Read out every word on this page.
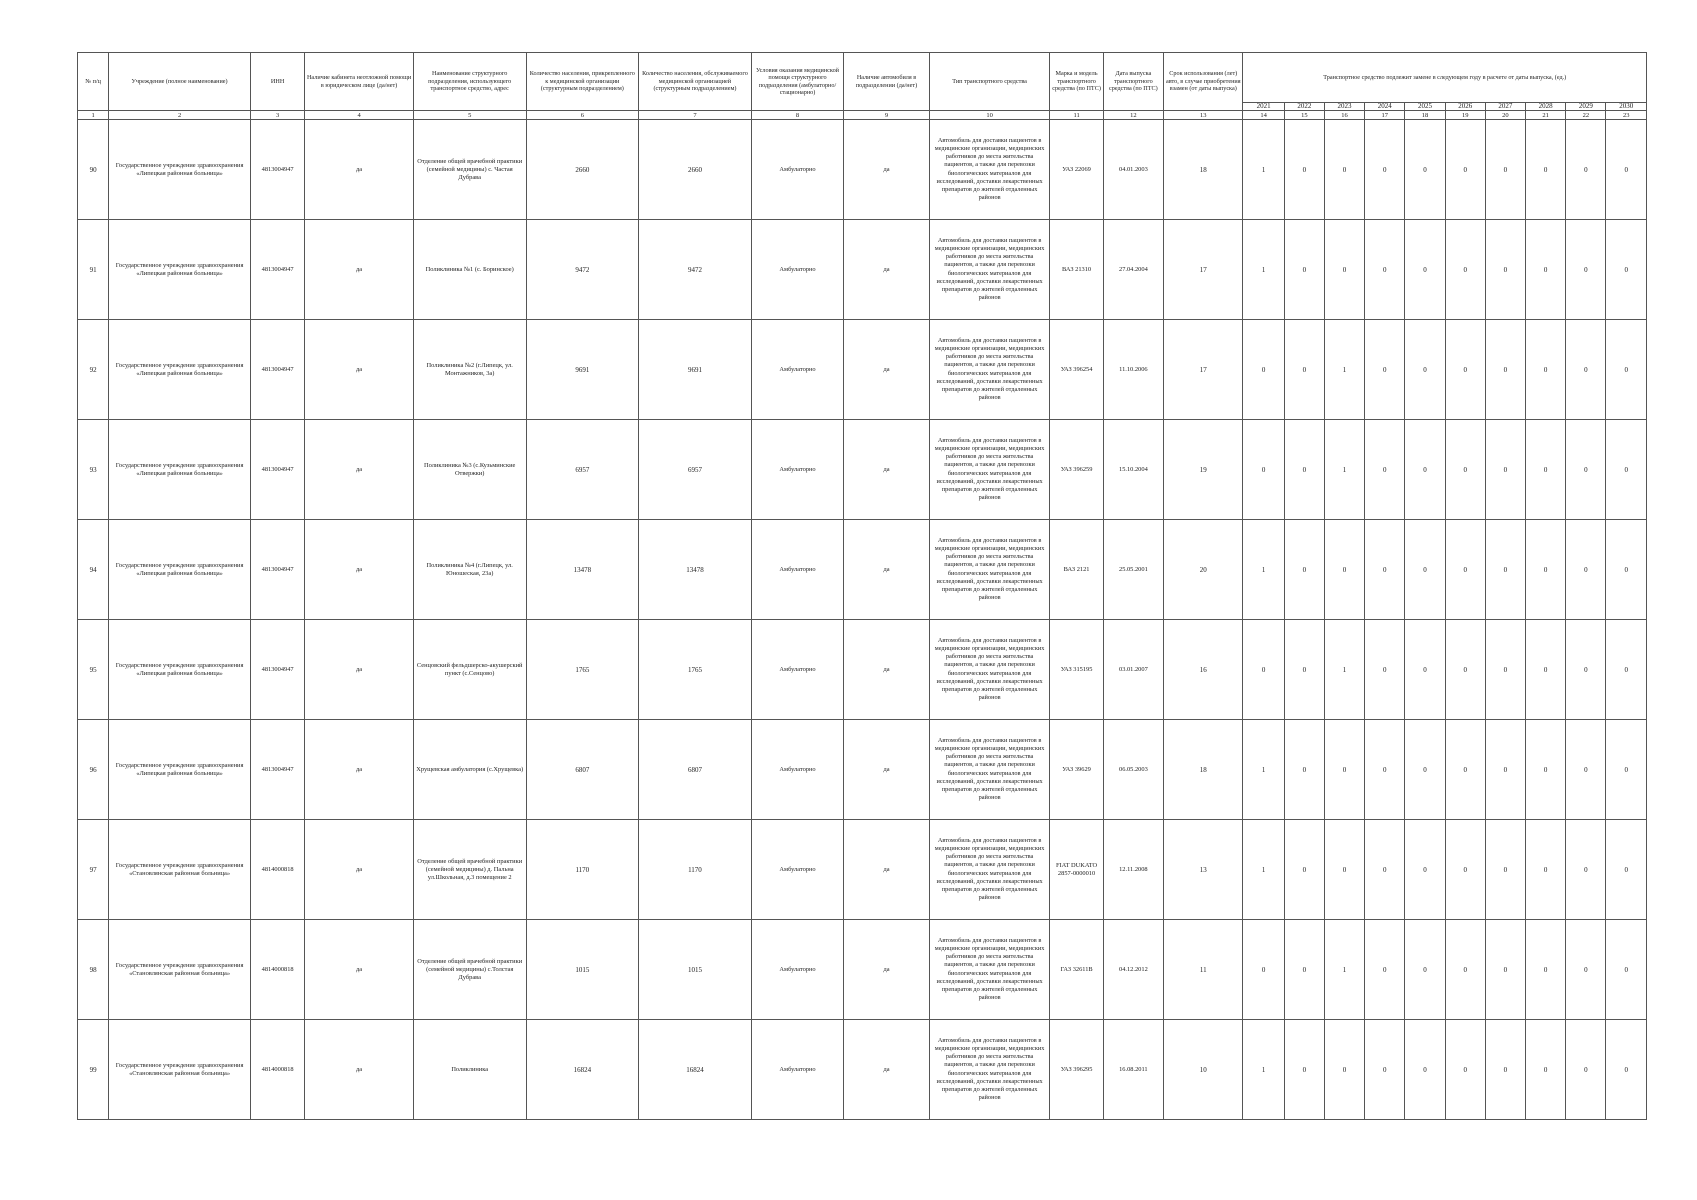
№ п/ц	Учреждение (полное наименование)	ИНН	Наличие кабинета неотложной помощи в юридическом лице (да/нет)	Наименование структурного подразделения, использующего транспортное средство, адрес	Количество населения, прикрепленного к медицинской организации (структурным подразделением)	Количество населения, обслуживаемого медицинской организацией (структурным подразделением)	Условия оказания медицинской помощи структурного подразделения (амбулаторно/ стационарно)	Наличие автомобиля в подразделении (да/нет)	Тип транспортного средства	Марка и модель транспортного средства (по ПТС)	Дата выпуска транспортного средства (по ПТС)	Срок использования (лет) авто, в случае приобретения взамен (от даты выпуска)	Транспортное средство подлежит замене в следующем году в расчете от даты выпуска, (ед.)									
													2021	2022	2023	2024	2025	2026	2027	2028	2029	2030
1	2	3	4	5	6	7	8	9	10	11	12	13	14	15	16	17	18	19	20	21	22	23
90	Государственное учреждение здравоохранения «Липецкая районная больница»	4813004947	да	Отделение общей врачебной практики (семейной медицины) с. Частая Дубрава	2660	2660	Амбулаторно	да	Автомобиль для доставки пациентов в медицинские организации, медицинских работников до места жительства пациентов, а также для перевозки биологических материалов для исследований, доставки лекарственных препаратов до жителей отдаленных районов	УАЗ 22069	04.01.2003	18	1	0	0	0	0	0	0	0	0	0
91	Государственное учреждение здравоохранения «Липецкая районная больница»	4813004947	да	Поликлиника №1 (с. Боринское)	9472	9472	Амбулаторно	да	Автомобиль для доставки пациентов в медицинские организации, медицинских работников до места жительства пациентов, а также для перевозки биологических материалов для исследований, доставки лекарственных препаратов до жителей отдаленных районов	ВАЗ 21310	27.04.2004	17	1	0	0	0	0	0	0	0	0	0
92	Государственное учреждение здравоохранения «Липецкая районная больница»	4813004947	да	Поликлиника №2 (г.Липецк, ул. Монтажников, 3а)	9691	9691	Амбулаторно	да	Автомобиль для доставки пациентов в медицинские организации, медицинских работников до места жительства пациентов, а также для перевозки биологических материалов для исследований, доставки лекарственных препаратов до жителей отдаленных районов	УАЗ 396254	11.10.2006	17	0	0	1	0	0	0	0	0	0	0
93	Государственное учреждение здравоохранения «Липецкая районная больница»	4813004947	да	Поликлиника №3 (с.Кузьминские Отвержки)	6957	6957	Амбулаторно	да	Автомобиль для доставки пациентов в медицинские организации, медицинских работников до места жительства пациентов, а также для перевозки биологических материалов для исследований, доставки лекарственных препаратов до жителей отдаленных районов	УАЗ 396259	15.10.2004	19	0	0	1	0	0	0	0	0	0	0
94	Государственное учреждение здравоохранения «Липецкая районная больница»	4813004947	да	Поликлиника №4 (г.Липецк, ул. Юношеская, 23а)	13478	13478	Амбулаторно	да	Автомобиль для доставки пациентов в медицинские организации, медицинских работников до места жительства пациентов, а также для перевозки биологических материалов для исследований, доставки лекарственных препаратов до жителей отдаленных районов	ВАЗ 2121	25.05.2001	20	1	0	0	0	0	0	0	0	0	0
95	Государственное учреждение здравоохранения «Липецкая районная больница»	4813004947	да	Сенцовский фельдшерско-акушерский пункт (с.Сенцово)	1765	1765	Амбулаторно	да	Автомобиль для доставки пациентов в медицинские организации, медицинских работников до места жительства пациентов, а также для перевозки биологических материалов для исследований, доставки лекарственных препаратов до жителей отдаленных районов	УАЗ 315195	03.01.2007	16	0	0	1	0	0	0	0	0	0	0
96	Государственное учреждение здравоохранения «Липецкая районная больница»	4813004947	да	Хрущевская амбулатория (с.Хрущевка)	6807	6807	Амбулаторно	да	Автомобиль для доставки пациентов в медицинские организации, медицинских работников до места жительства пациентов, а также для перевозки биологических материалов для исследований, доставки лекарственных препаратов до жителей отдаленных районов	УАЗ 39629	06.05.2003	18	1	0	0	0	0	0	0	0	0	0
97	Государственное учреждение здравоохранения «Становлянская районная больница»	4814000818	да	Отделение общей врачебной практики (семейной медицины) д. Пальна ул.Школьная, д.3 помещение 2	1170	1170	Амбулаторно	да	Автомобиль для доставки пациентов в медицинские организации, медицинских работников до места жительства пациентов, а также для перевозки биологических материалов для исследований, доставки лекарственных препаратов до жителей отдаленных районов	FIAT DUKATO 2857-0000010	12.11.2008	13	1	0	0	0	0	0	0	0	0	0
98	Государственное учреждение здравоохранения «Становлянская районная больница»	4814000818	да	Отделение общей врачебной практики (семейной медицины) с.Толстая Дубрава	1015	1015	Амбулаторно	да	Автомобиль для доставки пациентов в медицинские организации, медицинских работников до места жительства пациентов, а также для перевозки биологических материалов для исследований, доставки лекарственных препаратов до жителей отдаленных районов	ГАЗ 32611В	04.12.2012	11	0	0	1	0	0	0	0	0	0	0
99	Государственное учреждение здравоохранения «Становлянская районная больница»	4814000818	да	Поликлиника	16824	16824	Амбулаторно	да	Автомобиль для доставки пациентов в медицинские организации, медицинских работников до места жительства пациентов, а также для перевозки биологических материалов для исследований, доставки лекарственных препаратов до жителей отдаленных районов	УАЗ 396295	16.08.2011	10	1	0	0	0	0	0	0	0	0	0
